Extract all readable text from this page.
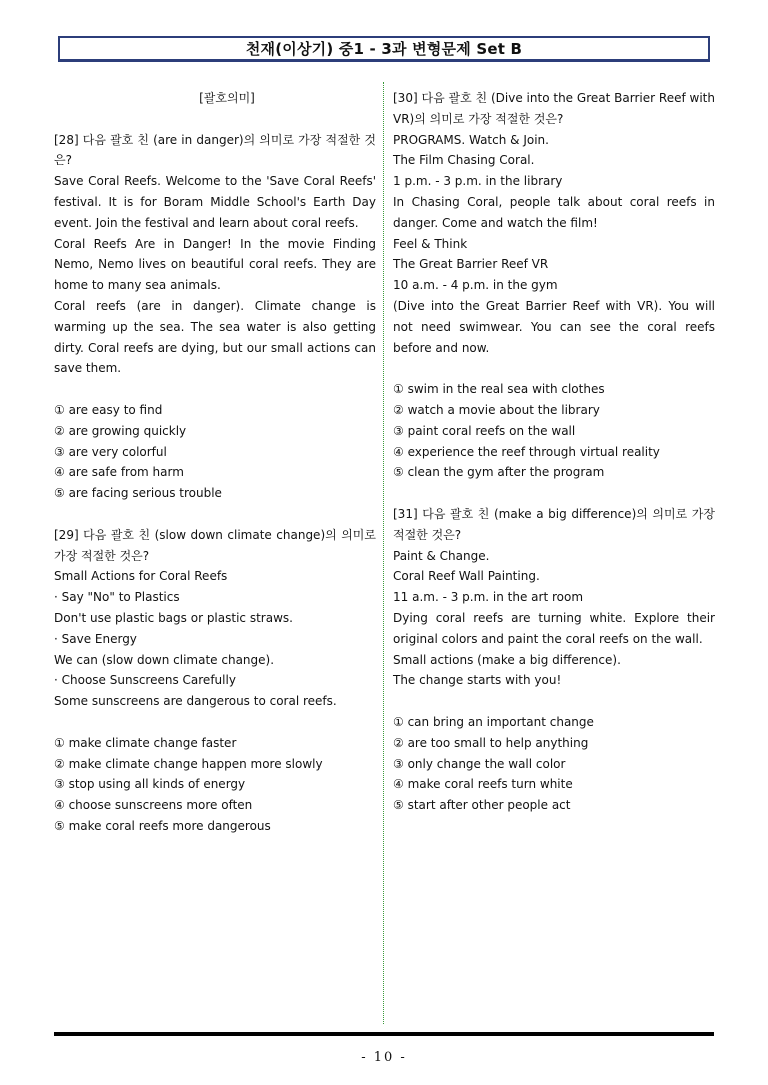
천재(이상기) 중1 - 3과 변형문제 Set B
[괄호의미]

[28] 다음 괄호 친 (are in danger)의 의미로 가장 적절한 것은?

Save Coral Reefs. Welcome to the 'Save Coral Reefs' festival. It is for Boram Middle School's Earth Day event. Join the festival and learn about coral reefs.

Coral Reefs Are in Danger! In the movie Finding Nemo, Nemo lives on beautiful coral reefs. They are home to many sea animals.

Coral reefs (are in danger). Climate change is warming up the sea. The sea water is also getting dirty. Coral reefs are dying, but our small actions can save them.

① are easy to find

② are growing quickly

③ are very colorful

④ are safe from harm

⑤ are facing serious trouble

[29] 다음 괄호 친 (slow down climate change)의 의미로 가장 적절한 것은?

Small Actions for Coral Reefs

· Say "No" to Plastics

Don't use plastic bags or plastic straws.

· Save Energy

We can (slow down climate change).

· Choose Sunscreens Carefully

Some sunscreens are dangerous to coral reefs.

① make climate change faster

② make climate change happen more slowly

③ stop using all kinds of energy

④ choose sunscreens more often

⑤ make coral reefs more dangerous

[30] 다음 괄호 친 (Dive into the Great Barrier Reef with VR)의 의미로 가장 적절한 것은?

PROGRAMS. Watch & Join.

The Film Chasing Coral.

1 p.m. - 3 p.m. in the library

In Chasing Coral, people talk about coral reefs in danger. Come and watch the film!

Feel & Think

The Great Barrier Reef VR

10 a.m. - 4 p.m. in the gym

(Dive into the Great Barrier Reef with VR). You will not need swimwear. You can see the coral reefs before and now.

① swim in the real sea with clothes

② watch a movie about the library

③ paint coral reefs on the wall

④ experience the reef through virtual reality

⑤ clean the gym after the program

[31] 다음 괄호 친 (make a big difference)의 의미로 가장 적절한 것은?

Paint & Change.

Coral Reef Wall Painting.

11 a.m. - 3 p.m. in the art room

Dying coral reefs are turning white. Explore their original colors and paint the coral reefs on the wall.

Small actions (make a big difference).

The change starts with you!

① can bring an important change

② are too small to help anything

③ only change the wall color

④ make coral reefs turn white

⑤ start after other people act

- 10 -
